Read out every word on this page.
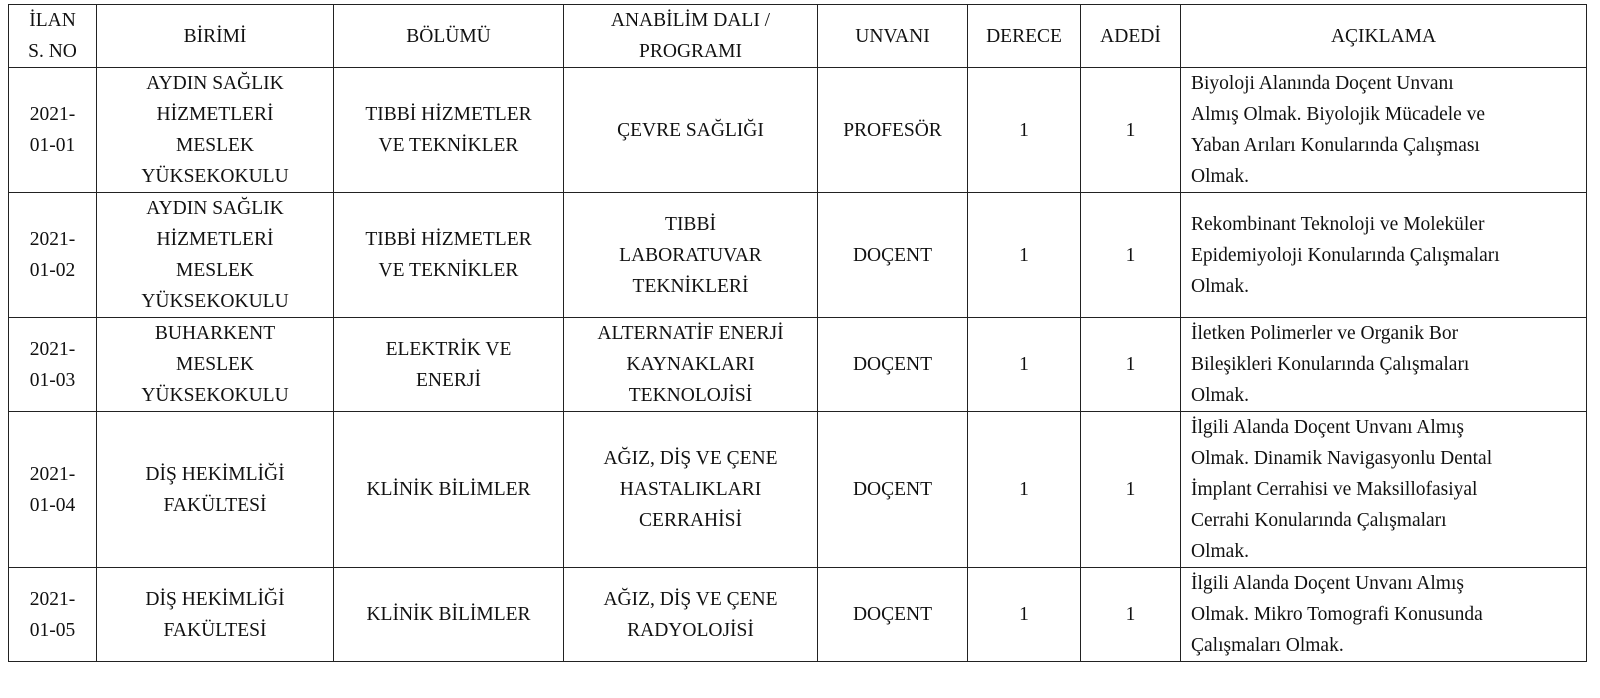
İLAN
S. NO	BİRİMİ	BÖLÜMÜ	ANABİLİM DALI /
PROGRAMI	UNVANI	DERECE	ADEDİ	AÇIKLAMA

2021-
01-01	AYDIN SAĞLIK
HİZMETLERİ
MESLEK
YÜKSEKOKULU	TIBBİ HİZMETLER
VE TEKNİKLER	ÇEVRE SAĞLIĞI	PROFESÖR	1	1	Biyoloji Alanında Doçent Unvanı
Almış Olmak. Biyolojik Mücadele ve
Yaban Arıları Konularında Çalışması
Olmak.

2021-
01-02	AYDIN SAĞLIK
HİZMETLERİ
MESLEK
YÜKSEKOKULU	TIBBİ HİZMETLER
VE TEKNİKLER	TIBBİ
LABORATUVAR
TEKNİKLERİ	DOÇENT	1	1	Rekombinant Teknoloji ve Moleküler
Epidemiyoloji Konularında Çalışmaları
Olmak.

2021-
01-03	BUHARKENT
MESLEK
YÜKSEKOKULU	ELEKTRİK VE
ENERJİ	ALTERNATİF ENERJİ
KAYNAKLARI
TEKNOLOJİSİ	DOÇENT	1	1	İletken Polimerler ve Organik Bor
Bileşikleri Konularında Çalışmaları
Olmak.

2021-
01-04	DİŞ HEKİMLİĞİ
FAKÜLTESİ	KLİNİK BİLİMLER	AĞIZ, DİŞ VE ÇENE
HASTALIKLARI
CERRAHİSİ	DOÇENT	1	1	İlgili Alanda Doçent Unvanı Almış
Olmak. Dinamik Navigasyonlu Dental
İmplant Cerrahisi ve Maksillofasiyal
Cerrahi Konularında Çalışmaları
Olmak.

2021-
01-05	DİŞ HEKİMLİĞİ
FAKÜLTESİ	KLİNİK BİLİMLER	AĞIZ, DİŞ VE ÇENE
RADYOLOJİSİ	DOÇENT	1	1	İlgili Alanda Doçent Unvanı Almış
Olmak. Mikro Tomografi Konusunda
Çalışmaları Olmak.
